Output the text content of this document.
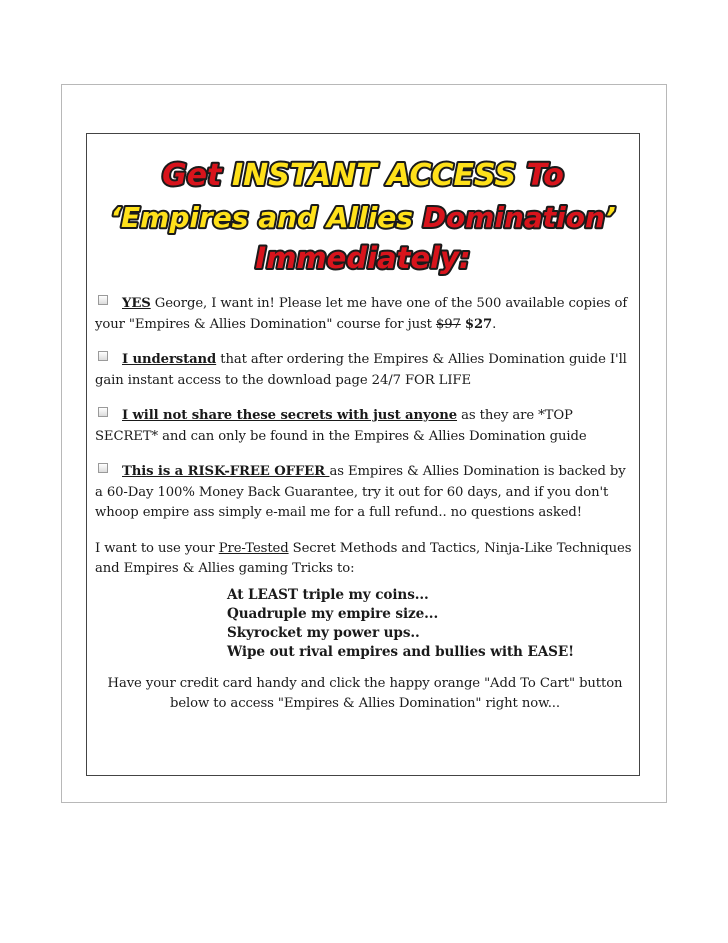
Get INSTANT ACCESS To
‘Empires and Allies Domination’
Immediately:

YES George, I want in! Please let me have one of the 500 available copies of your "Empires & Allies Domination" course for just $97 $27.

I understand that after ordering the Empires & Allies Domination guide I'll gain instant access to the download page 24/7 FOR LIFE

I will not share these secrets with just anyone as they are *TOP SECRET* and can only be found in the Empires & Allies Domination guide

This is a RISK-FREE OFFER as Empires & Allies Domination is backed by a 60-Day 100% Money Back Guarantee, try it out for 60 days, and if you don't whoop empire ass simply e-mail me for a full refund.. no questions asked!

I want to use your Pre-Tested Secret Methods and Tactics, Ninja-Like Techniques and Empires & Allies gaming Tricks to:

At LEAST triple my coins...
Quadruple my empire size...
Skyrocket my power ups..
Wipe out rival empires and bullies with EASE!

Have your credit card handy and click the happy orange "Add To Cart" button below to access "Empires & Allies Domination" right now...
